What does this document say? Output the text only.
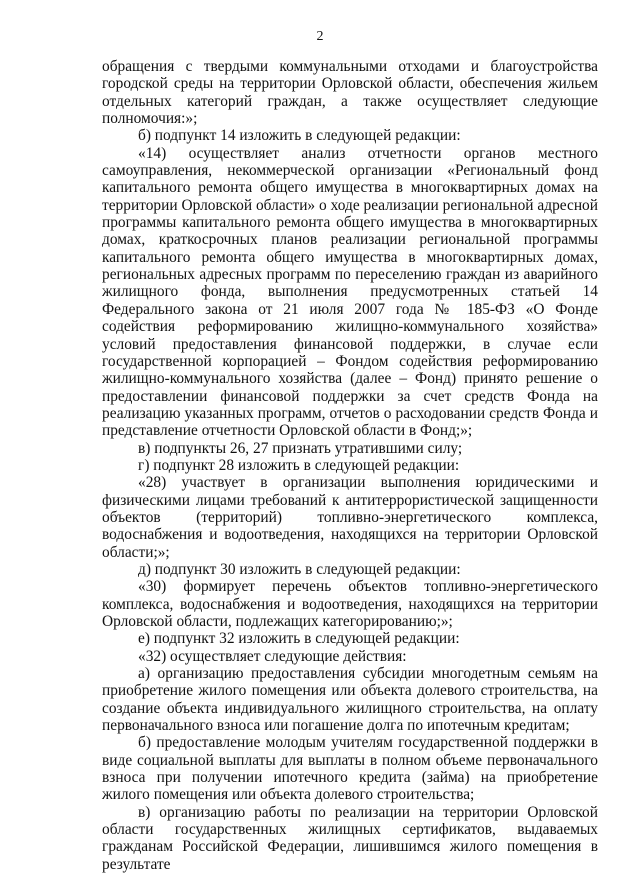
2

обращения с твердыми коммунальными отходами и благоустройства городской среды на территории Орловской области, обеспечения жильем отдельных категорий граждан, а также осуществляет следующие полномочия:»;

б) подпункт 14 изложить в следующей редакции:

«14) осуществляет анализ отчетности органов местного самоуправления, некоммерческой организации «Региональный фонд капитального ремонта общего имущества в многоквартирных домах на территории Орловской области» о ходе реализации региональной адресной программы капитального ремонта общего имущества в многоквартирных домах, краткосрочных планов реализации региональной программы капитального ремонта общего имущества в многоквартирных домах, региональных адресных программ по переселению граждан из аварийного жилищного фонда, выполнения предусмотренных статьей 14 Федерального закона от 21 июля 2007 года № 185-ФЗ «О Фонде содействия реформированию жилищно-коммунального хозяйства» условий предоставления финансовой поддержки, в случае если государственной корпорацией – Фондом содействия реформированию жилищно-коммунального хозяйства (далее – Фонд) принято решение о предоставлении финансовой поддержки за счет средств Фонда на реализацию указанных программ, отчетов о расходовании средств Фонда и представление отчетности Орловской области в Фонд;»;

в) подпункты 26, 27 признать утратившими силу;

г) подпункт 28 изложить в следующей редакции:

«28) участвует в организации выполнения юридическими и физическими лицами требований к антитеррористической защищенности объектов (территорий) топливно-энергетического комплекса, водоснабжения и водоотведения, находящихся на территории Орловской области;»;

д) подпункт 30 изложить в следующей редакции:

«30) формирует перечень объектов топливно-энергетического комплекса, водоснабжения и водоотведения, находящихся на территории Орловской области, подлежащих категорированию;»;

е) подпункт 32 изложить в следующей редакции:

«32) осуществляет следующие действия:

а) организацию предоставления субсидии многодетным семьям на приобретение жилого помещения или объекта долевого строительства, на создание объекта индивидуального жилищного строительства, на оплату первоначального взноса или погашение долга по ипотечным кредитам;

б) предоставление молодым учителям государственной поддержки в виде социальной выплаты для выплаты в полном объеме первоначального взноса при получении ипотечного кредита (займа) на приобретение жилого помещения или объекта долевого строительства;

в) организацию работы по реализации на территории Орловской области государственных жилищных сертификатов, выдаваемых гражданам Российской Федерации, лишившимся жилого помещения в результате
